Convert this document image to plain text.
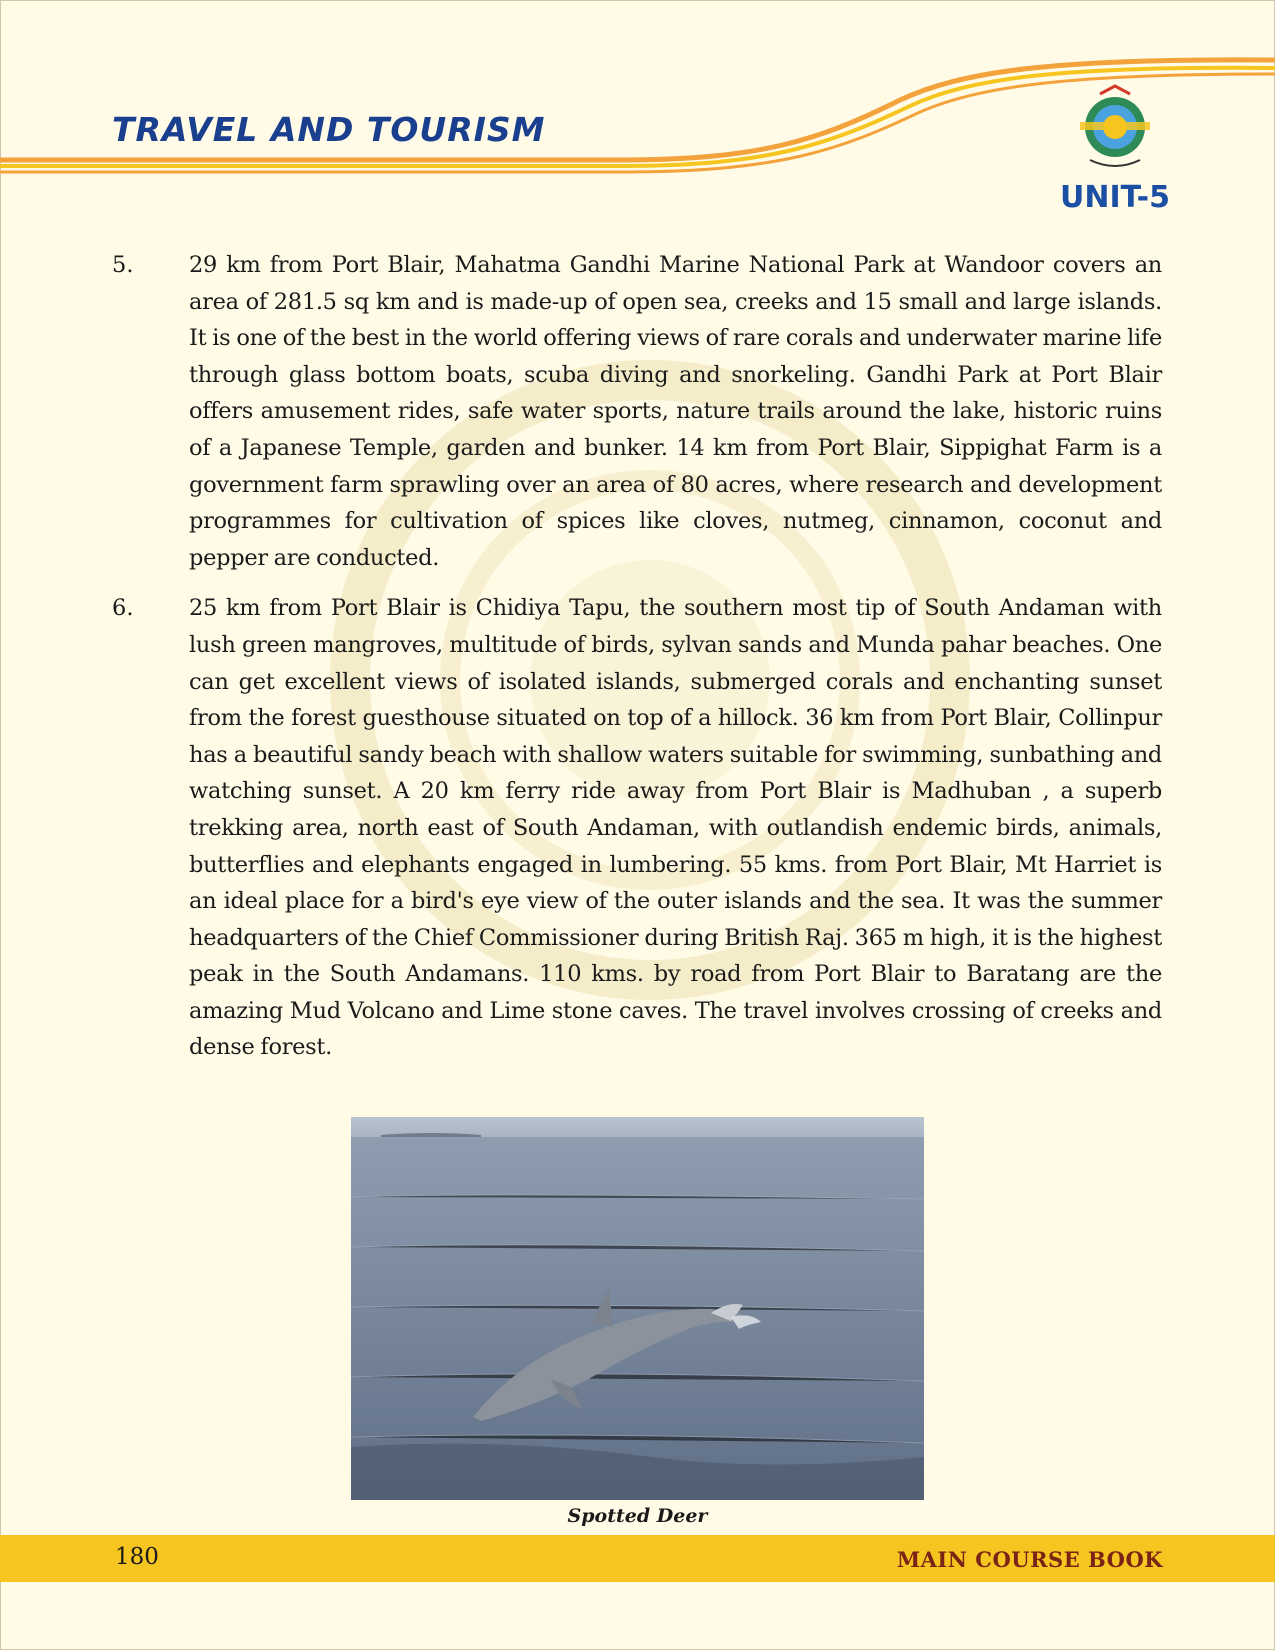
TRAVEL AND TOURISM
UNIT-5
5.	29 km from Port Blair, Mahatma Gandhi Marine National Park at Wandoor covers an area of 281.5 sq km and is made-up of open sea, creeks and 15 small and large islands. It is one of the best in the world offering views of rare corals and underwater marine life through glass bottom boats, scuba diving and snorkeling. Gandhi Park at Port Blair offers amusement rides, safe water sports, nature trails around the lake, historic ruins of a Japanese Temple, garden and bunker. 14 km from Port Blair, Sippighat Farm is a government farm sprawling over an area of 80 acres, where research and development programmes for cultivation of spices like cloves, nutmeg, cinnamon, coconut and pepper are conducted.
6.	25 km from Port Blair is Chidiya Tapu, the southern most tip of South Andaman with lush green mangroves, multitude of birds, sylvan sands and Munda pahar beaches. One can get excellent views of isolated islands, submerged corals and enchanting sunset from the forest guesthouse situated on top of a hillock. 36 km from Port Blair, Collinpur has a beautiful sandy beach with shallow waters suitable for swimming, sunbathing and watching sunset. A 20 km ferry ride away from Port Blair is Madhuban , a superb trekking area, north east of South Andaman, with outlandish endemic birds, animals, butterflies and elephants engaged in lumbering. 55 kms. from Port Blair, Mt Harriet is an ideal place for a bird's eye view of the outer islands and the sea. It was the summer headquarters of the Chief Commissioner during British Raj. 365 m high, it is the highest peak in the South Andamans. 110 kms. by road from Port Blair to Baratang are the amazing Mud Volcano and Lime stone caves. The travel involves crossing of creeks and dense forest.
Spotted Deer
180	MAIN COURSE BOOK
